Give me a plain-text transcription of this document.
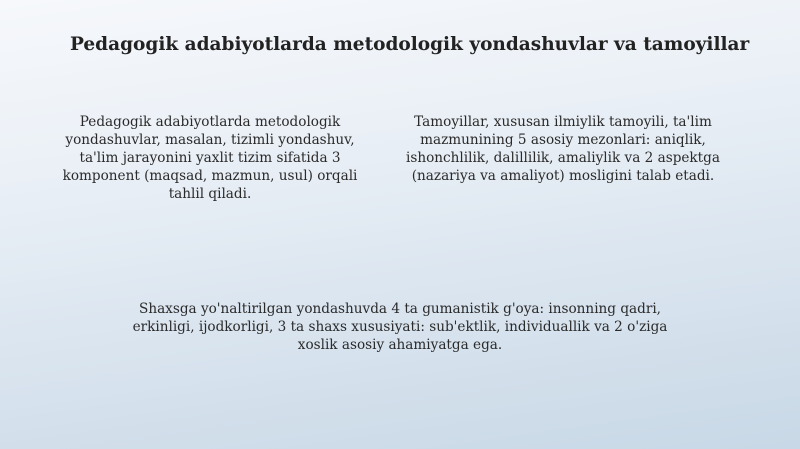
Pedagogik adabiyotlarda metodologik yondashuvlar va tamoyillar

Pedagogik adabiyotlarda metodologik yondashuvlar, masalan, tizimli yondashuv, ta'lim jarayonini yaxlit tizim sifatida 3 komponent (maqsad, mazmun, usul) orqali tahlil qiladi.

Tamoyillar, xususan ilmiylik tamoyili, ta'lim mazmunining 5 asosiy mezonlari: aniqlik, ishonchlilik, dalillilik, amaliylik va 2 aspektga (nazariya va amaliyot) mosligini talab etadi.

Shaxsga yo'naltirilgan yondashuvda 4 ta gumanistik g'oya: insonning qadri, erkinligi, ijodkorligi, 3 ta shaxs xususiyati: sub'ektlik, individuallik va 2 o'ziga xoslik asosiy ahamiyatga ega.
